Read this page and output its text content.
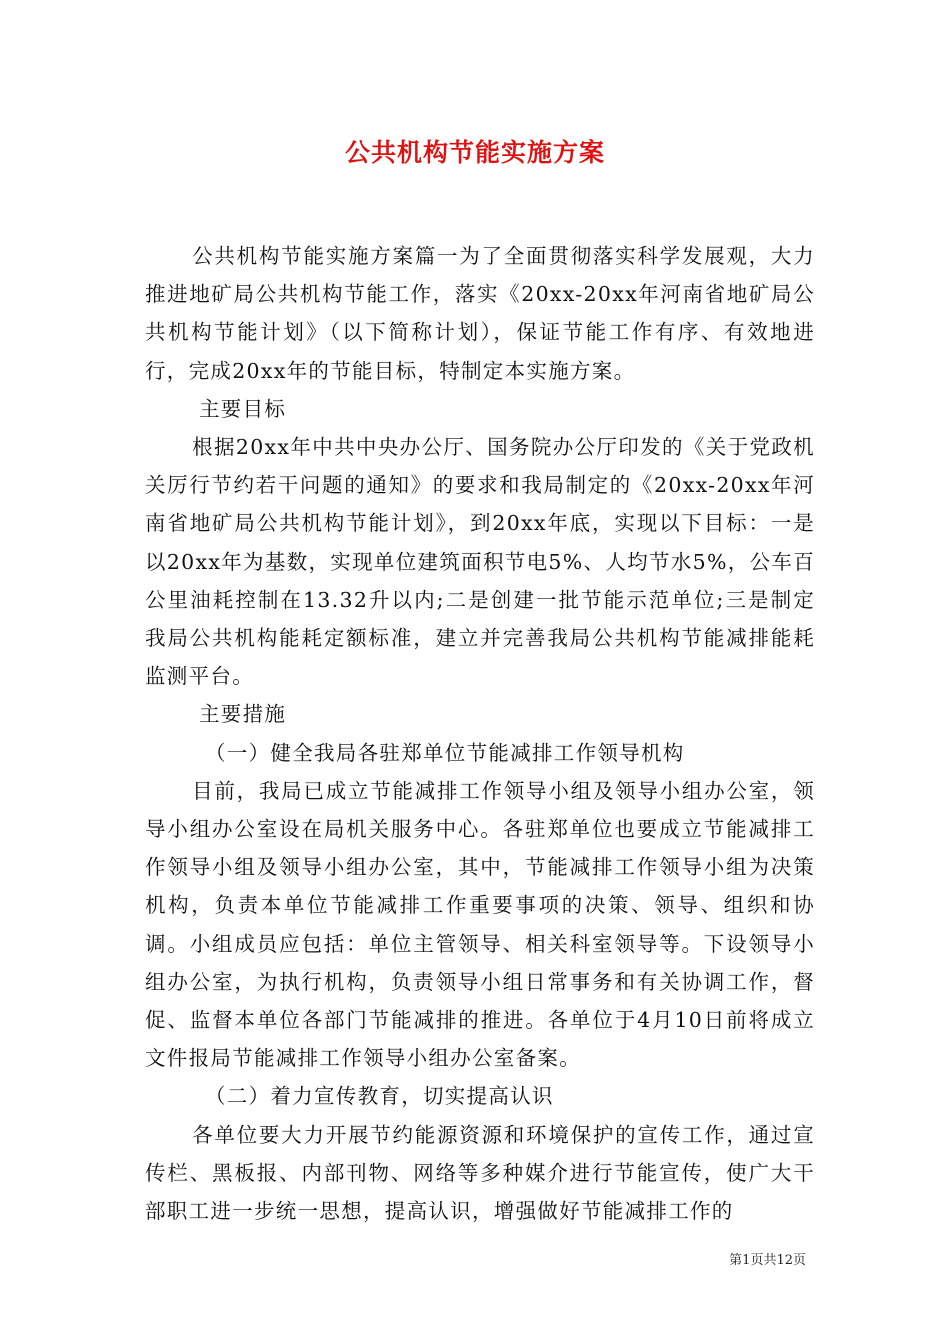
公共机构节能实施方案

公共机构节能实施方案篇一为了全面贯彻落实科学发展观，大力推进地矿局公共机构节能工作，落实《20xx-20xx年河南省地矿局公共机构节能计划》（以下简称计划），保证节能工作有序、有效地进行，完成20xx年的节能目标，特制定本实施方案。

主要目标

根据20xx年中共中央办公厅、国务院办公厅印发的《关于党政机关厉行节约若干问题的通知》的要求和我局制定的《20xx-20xx年河南省地矿局公共机构节能计划》，到20xx年底，实现以下目标：一是以20xx年为基数，实现单位建筑面积节电5%、人均节水5%，公车百公里油耗控制在13.32升以内;二是创建一批节能示范单位;三是制定我局公共机构能耗定额标准，建立并完善我局公共机构节能减排能耗监测平台。

主要措施

（一）健全我局各驻郑单位节能减排工作领导机构

目前，我局已成立节能减排工作领导小组及领导小组办公室，领导小组办公室设在局机关服务中心。各驻郑单位也要成立节能减排工作领导小组及领导小组办公室，其中，节能减排工作领导小组为决策机构，负责本单位节能减排工作重要事项的决策、领导、组织和协调。小组成员应包括：单位主管领导、相关科室领导等。下设领导小组办公室，为执行机构，负责领导小组日常事务和有关协调工作，督促、监督本单位各部门节能减排的推进。各单位于4月10日前将成立文件报局节能减排工作领导小组办公室备案。

（二）着力宣传教育，切实提高认识

各单位要大力开展节约能源资源和环境保护的宣传工作，通过宣传栏、黑板报、内部刊物、网络等多种媒介进行节能宣传，使广大干部职工进一步统一思想，提高认识，增强做好节能减排工作的

第1页共12页
